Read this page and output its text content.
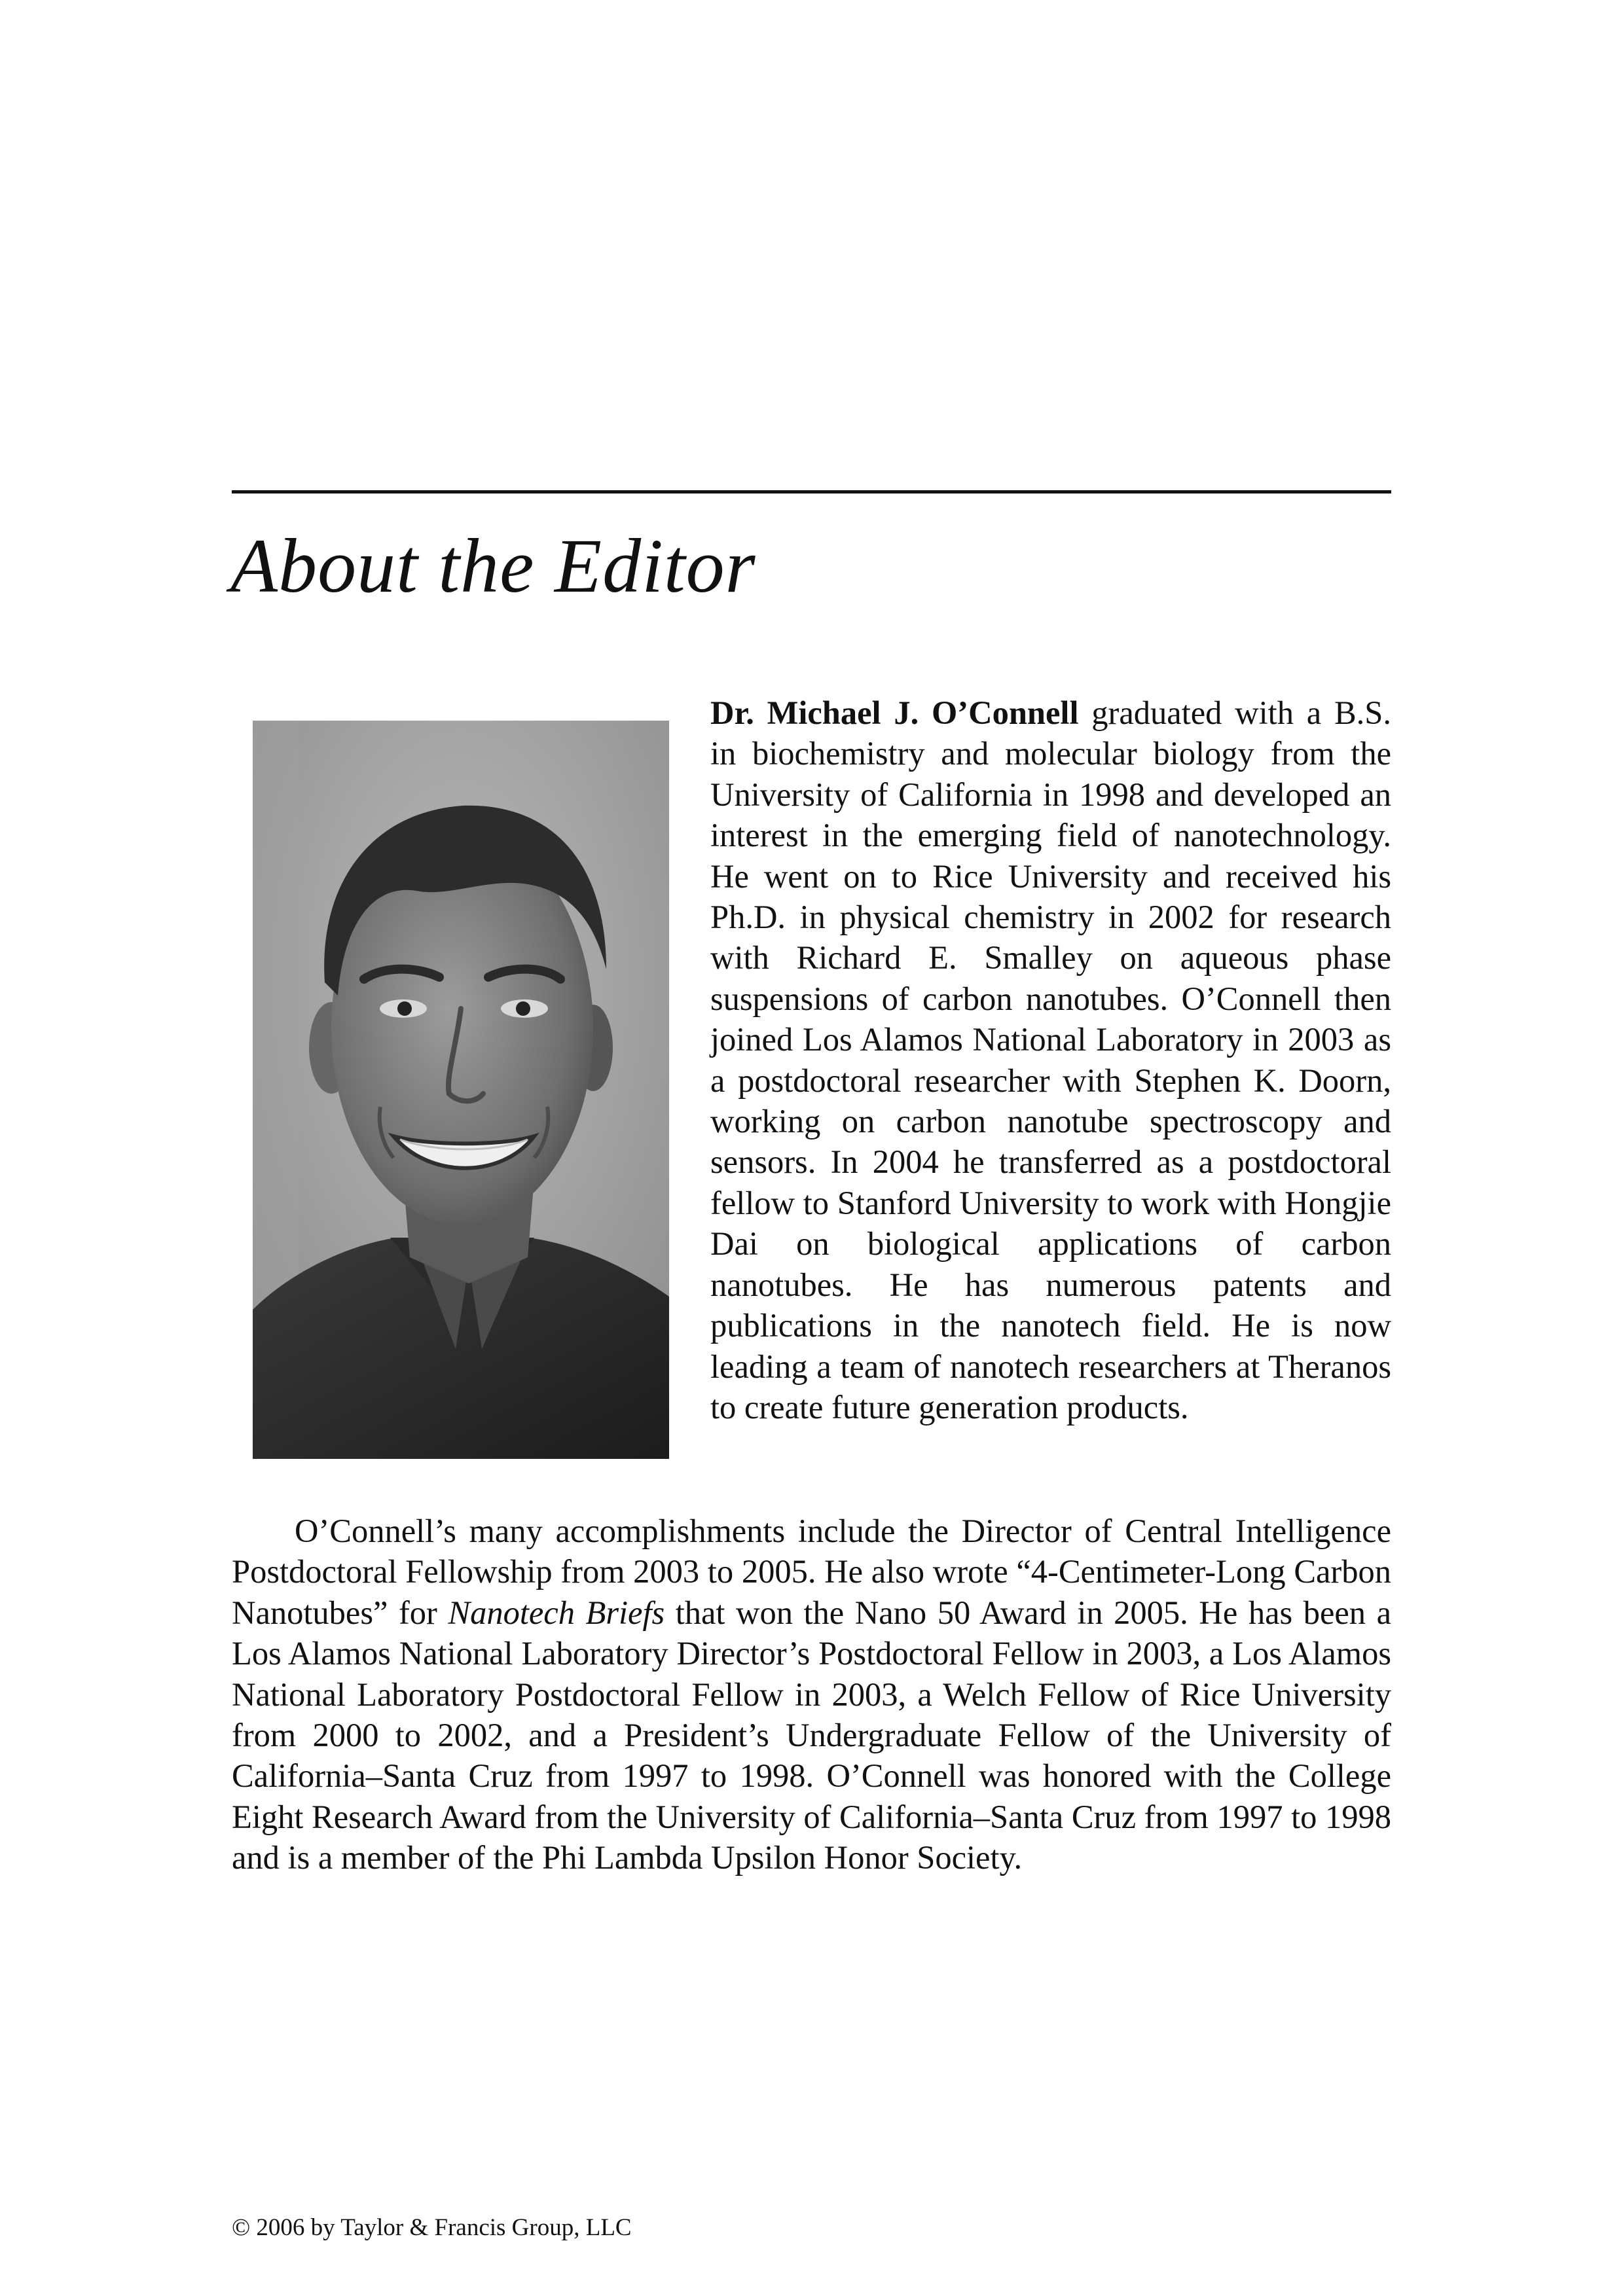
About the Editor

Dr. Michael J. O’Connell graduated with a B.S. in biochemistry and molecular biology from the University of California in 1998 and developed an interest in the emerging field of nanotechnology. He went on to Rice University and received his Ph.D. in physical chemistry in 2002 for research with Richard E. Smalley on aqueous phase suspensions of carbon nanotubes. O’Connell then joined Los Alamos National Laboratory in 2003 as a postdoctoral researcher with Stephen K. Doorn, working on carbon nanotube spectroscopy and sensors. In 2004 he transferred as a postdoctoral fellow to Stanford University to work with Hongjie Dai on biological applications of carbon nanotubes. He has numerous patents and publications in the nanotech field. He is now leading a team of nanotech researchers at Theranos to create future generation products.

O’Connell’s many accomplishments include the Director of Central Intelligence Postdoctoral Fellowship from 2003 to 2005. He also wrote “4-Centimeter-Long Carbon Nanotubes” for Nanotech Briefs that won the Nano 50 Award in 2005. He has been a Los Alamos National Laboratory Director’s Postdoctoral Fellow in 2003, a Los Alamos National Laboratory Postdoctoral Fellow in 2003, a Welch Fellow of Rice University from 2000 to 2002, and a President’s Undergraduate Fellow of the University of California–Santa Cruz from 1997 to 1998. O’Connell was honored with the College Eight Research Award from the University of California–Santa Cruz from 1997 to 1998 and is a member of the Phi Lambda Upsilon Honor Society.

© 2006 by Taylor & Francis Group, LLC
